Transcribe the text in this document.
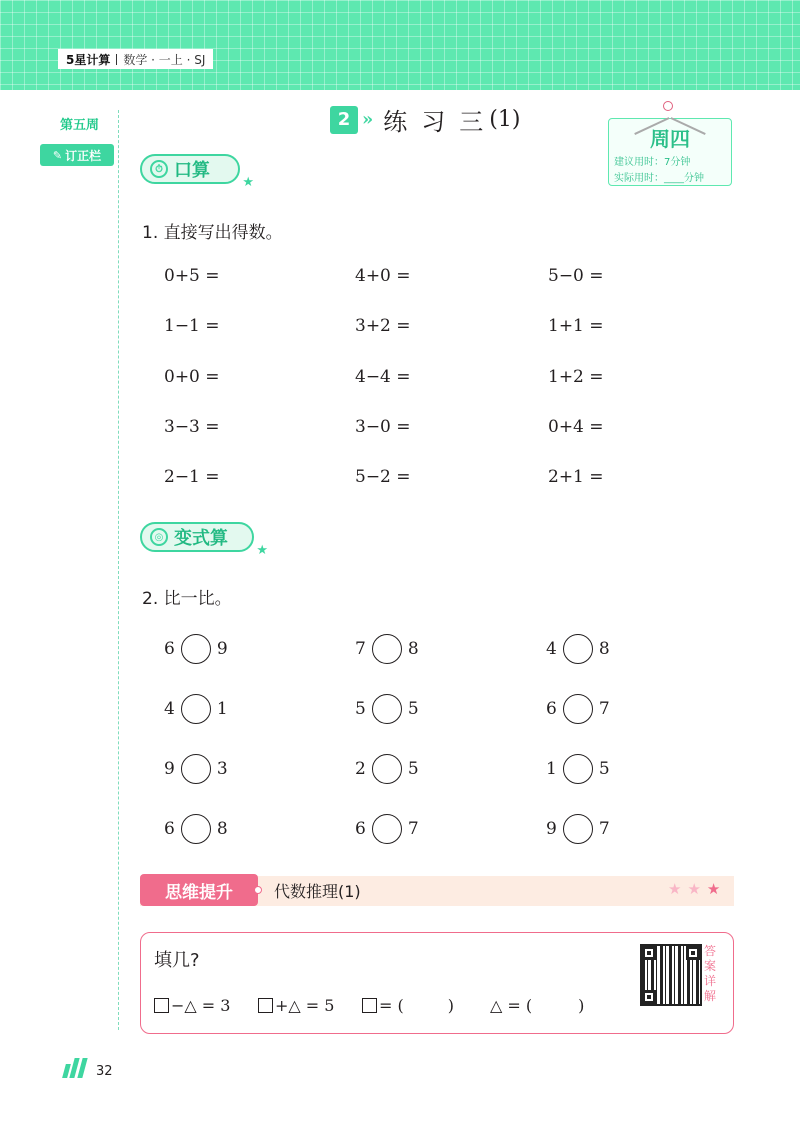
5星计算 数学 · 一上 · SJ
第五周
✎ 订正栏
2 » 练习三
(1)
周四
建议用时：7分钟
实际用时：____分钟
⏱ 口算
★
1. 直接写出得数。
0+5 =	4+0 =	5−0 =
1−1 =	3+2 =	1+1 =
0+0 =	4−4 =	1+2 =
3−3 =	3−0 =	0+4 =
2−1 =	5−2 =	2+1 =
◎ 变式算
★
2. 比一比。
6 9	7 8	4 8
4 1	5 5	6 7
9 3	2 5	1 5
6 8	6 7	9 7
思维提升	代数推理(1)	★★★
填几?
−△ = 3	+△ = 5	= (	) △ = (	)
答案详解
32
